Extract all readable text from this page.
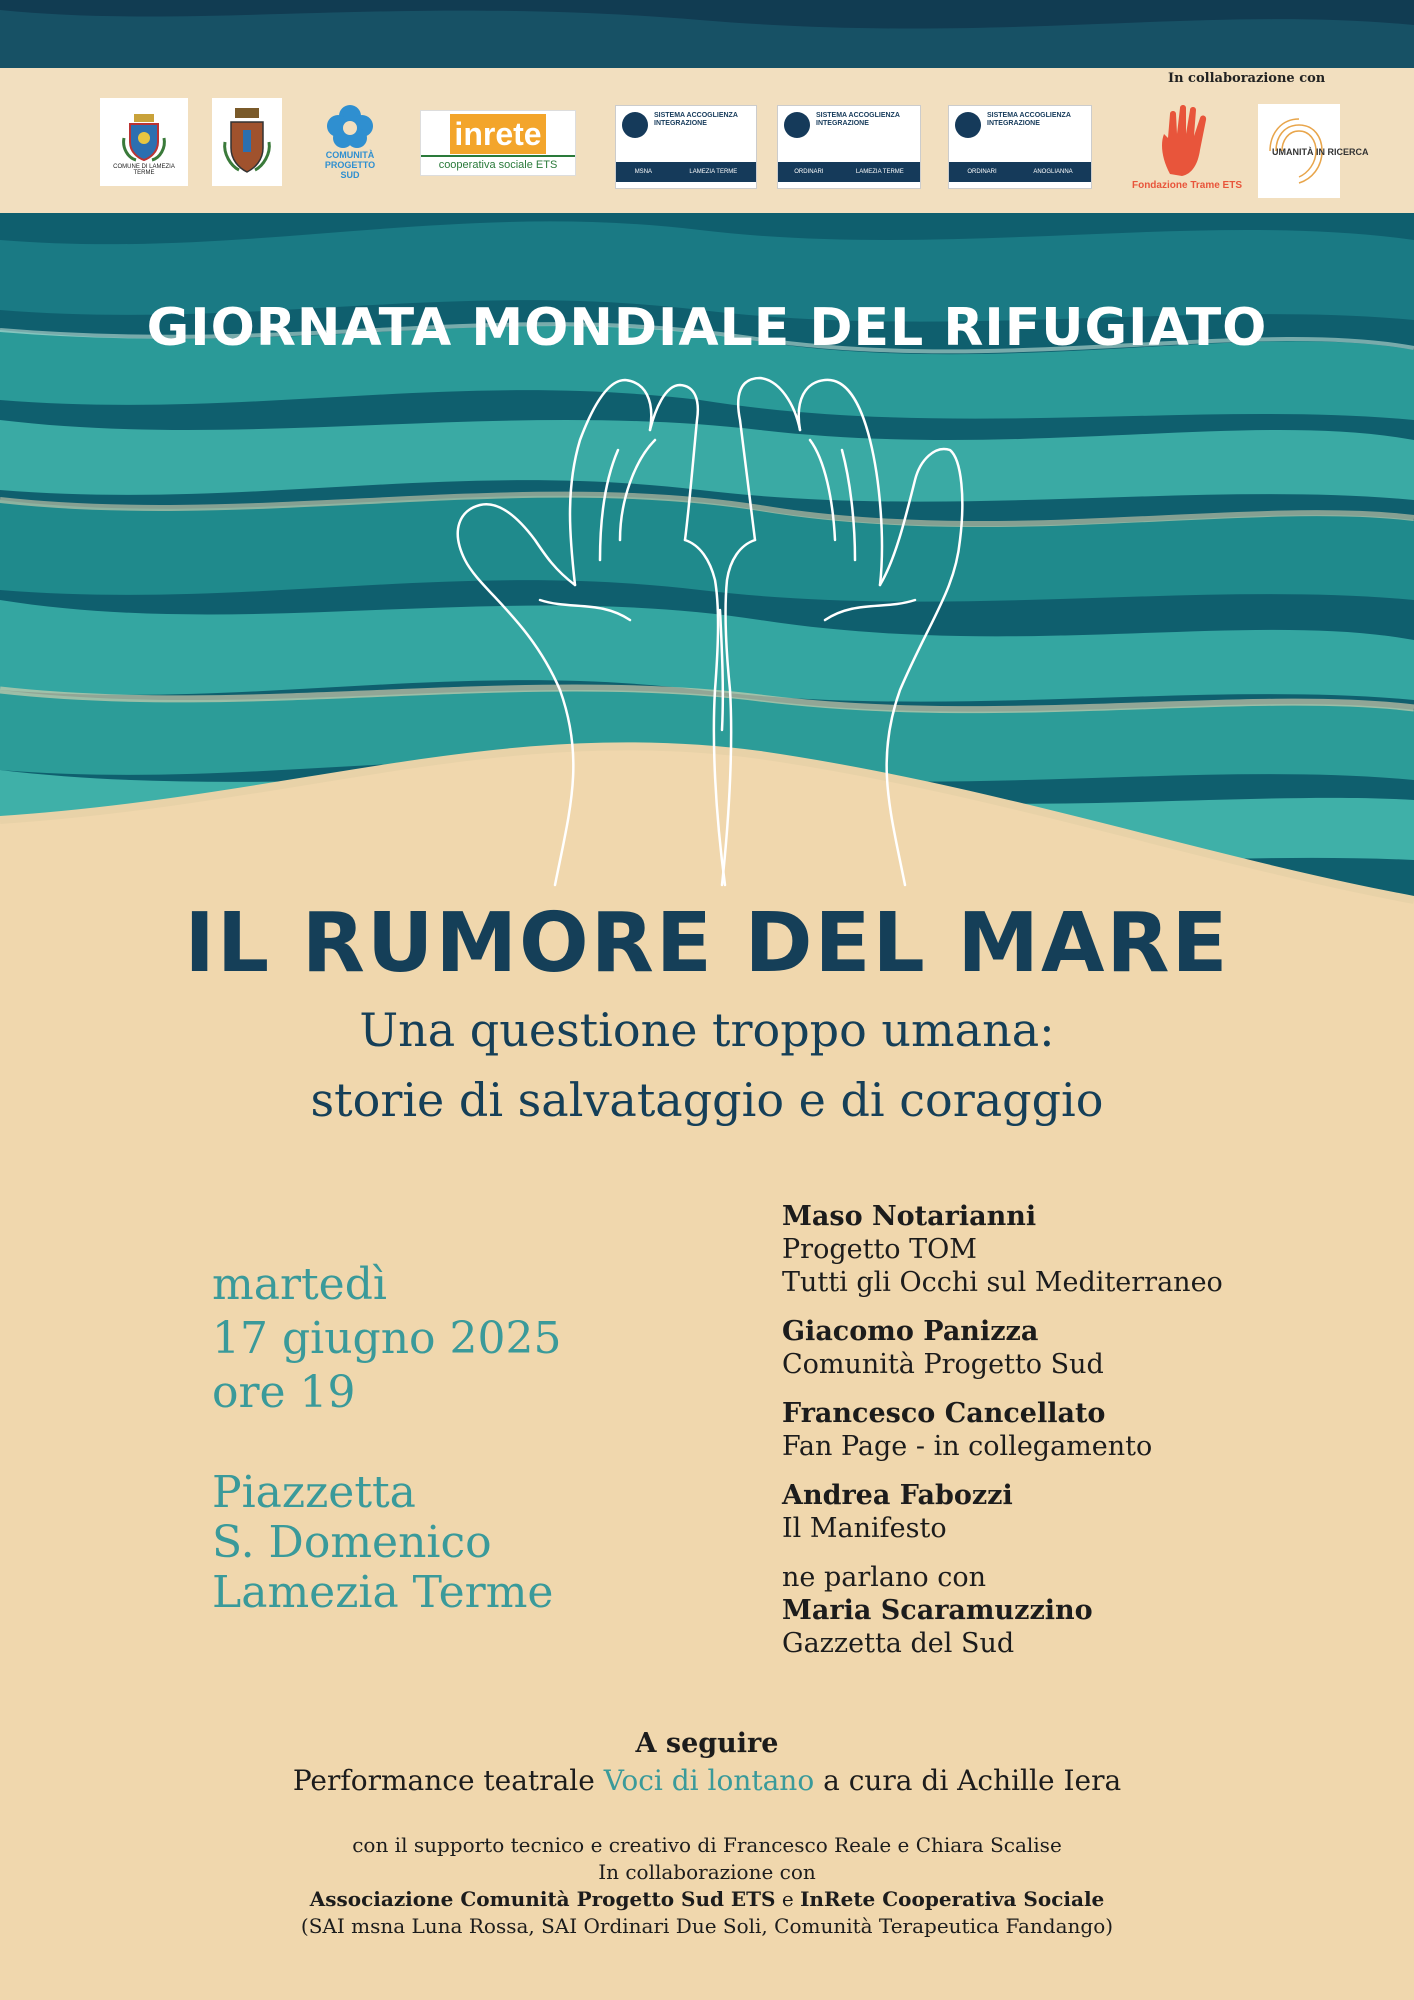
In collaborazione con
COMUNE DI LAMEZIA TERME
COMUNITÀ PROGETTO SUD
inrete
cooperativa sociale ETS
SISTEMA ACCOGLIENZA INTEGRAZIONE
MSNA	LAMEZIA TERME
SISTEMA ACCOGLIENZA INTEGRAZIONE
ORDINARI	LAMEZIA TERME
SISTEMA ACCOGLIENZA INTEGRAZIONE
ORDINARI	ANOGLIANNA
Fondazione Trame ETS
UMANITÀ IN RICERCA
GIORNATA MONDIALE DEL RIFUGIATO
IL RUMORE DEL MARE
Una questione troppo umana:
storie di salvataggio e di coraggio
martedì
17 giugno 2025
ore 19
Piazzetta
S. Domenico
Lamezia Terme
Maso Notarianni
Progetto TOM
Tutti gli Occhi sul Mediterraneo
Giacomo Panizza
Comunità Progetto Sud
Francesco Cancellato
Fan Page - in collegamento
Andrea Fabozzi
Il Manifesto
ne parlano con
Maria Scaramuzzino
Gazzetta del Sud
A seguire
Performance teatrale Voci di lontano a cura di Achille Iera
con il supporto tecnico e creativo di Francesco Reale e Chiara Scalise
In collaborazione con
Associazione Comunità Progetto Sud ETS e InRete Cooperativa Sociale
(SAI msna Luna Rossa, SAI Ordinari Due Soli, Comunità Terapeutica Fandango)
